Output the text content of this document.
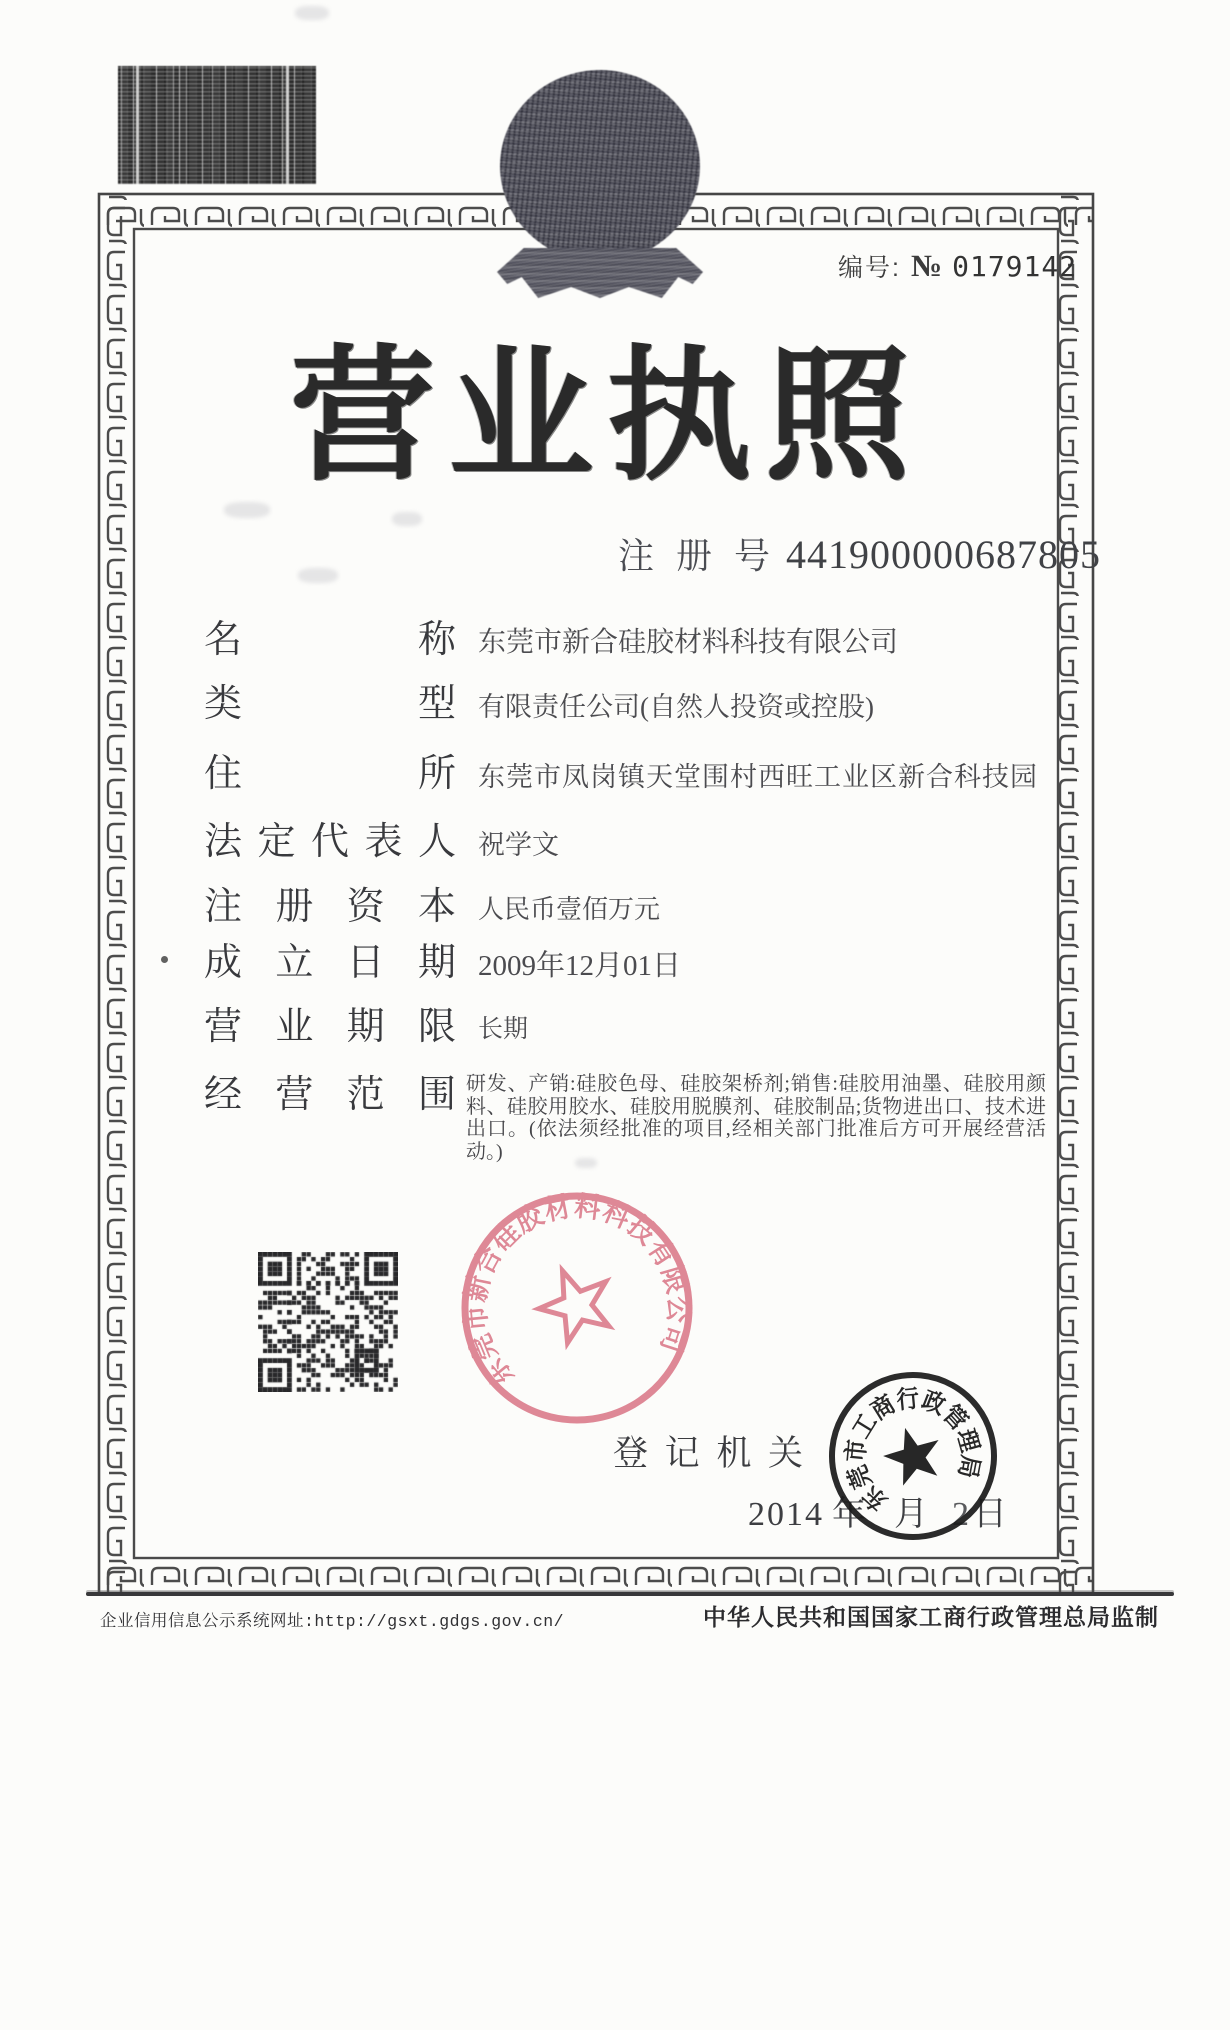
编号: № 0179142
营 业 执 照
注 册 号 441900000687805
名	称 东莞市新合硅胶材料科技有限公司
类	型 有限责任公司(自然人投资或控股)
住	所 东莞市凤岗镇天堂围村西旺工业区新合科技园
法 定 代 表 人 祝学文
注 册 资 本 人民币壹佰万元
成 立 日 期 2009年12月01日
营 业 期 限 长期
经 营 范 围 研发、产销:硅胶色母、硅胶架桥剂;销售:硅胶用油墨、硅胶用颜料、硅胶用胶水、硅胶用脱膜剂、硅胶制品;货物进出口、技术进出口。(依法须经批准的项目,经相关部门批准后方可开展经营活动。)
东莞市新合硅胶材料科技有限公司
登 记 机 关
2014 年 月 2 日
东莞市工商行政管理局
企业信用信息公示系统网址:http://gsxt.gdgs.gov.cn/	中华人民共和国国家工商行政管理总局监制
